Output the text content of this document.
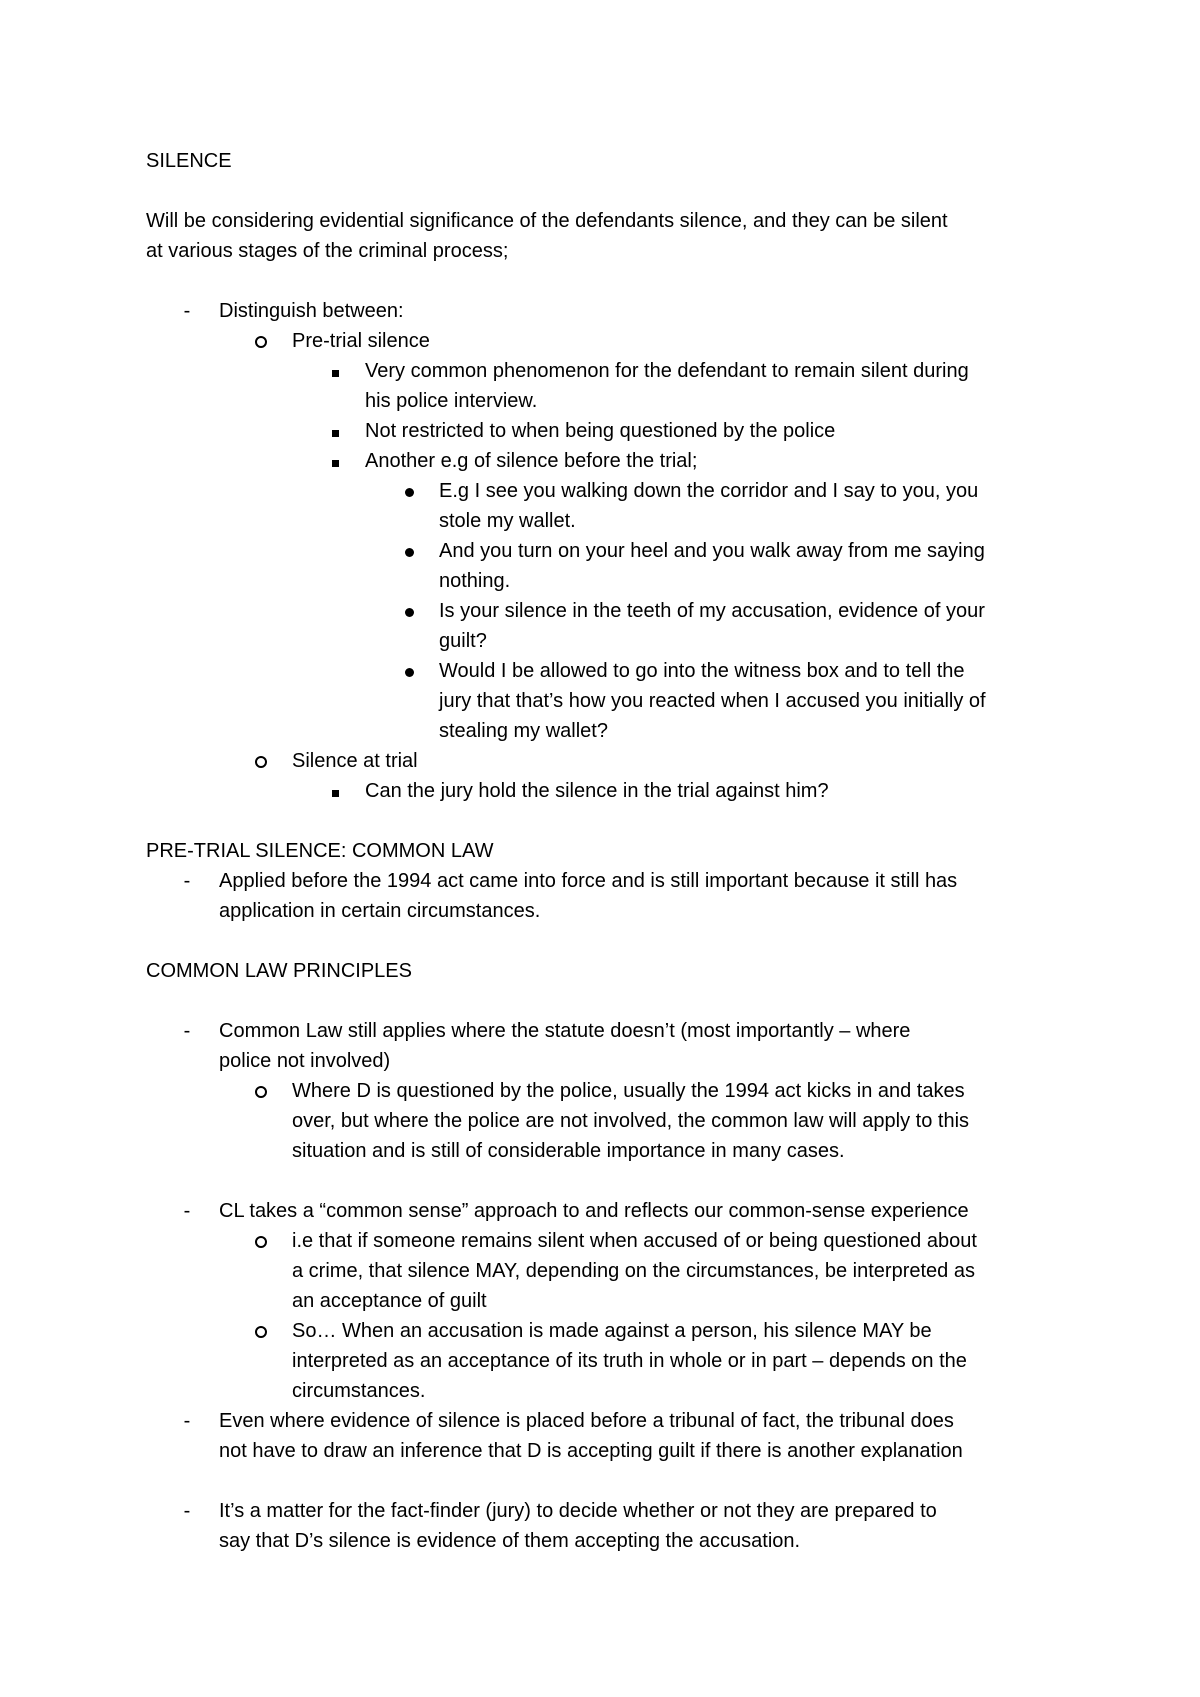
SILENCE
Will be considering evidential significance of the defendants silence, and they can be silent
at various stages of the criminal process;
-	Distinguish between:
Pre-trial silence
Very common phenomenon for the defendant to remain silent during
his police interview.
Not restricted to when being questioned by the police
Another e.g of silence before the trial;
E.g I see you walking down the corridor and I say to you, you
stole my wallet.
And you turn on your heel and you walk away from me saying
nothing.
Is your silence in the teeth of my accusation, evidence of your
guilt?
Would I be allowed to go into the witness box and to tell the
jury that that’s how you reacted when I accused you initially of
stealing my wallet?
Silence at trial
Can the jury hold the silence in the trial against him?
PRE-TRIAL SILENCE: COMMON LAW
-	Applied before the 1994 act came into force and is still important because it still has
application in certain circumstances.
COMMON LAW PRINCIPLES
-	Common Law still applies where the statute doesn’t (most importantly – where
police not involved)
Where D is questioned by the police, usually the 1994 act kicks in and takes
over, but where the police are not involved, the common law will apply to this
situation and is still of considerable importance in many cases.
-	CL takes a “common sense” approach to and reflects our common-sense experience
i.e that if someone remains silent when accused of or being questioned about
a crime, that silence MAY, depending on the circumstances, be interpreted as
an acceptance of guilt
So… When an accusation is made against a person, his silence MAY be
interpreted as an acceptance of its truth in whole or in part – depends on the
circumstances.
-	Even where evidence of silence is placed before a tribunal of fact, the tribunal does
not have to draw an inference that D is accepting guilt if there is another explanation
-	It’s a matter for the fact-finder (jury) to decide whether or not they are prepared to
say that D’s silence is evidence of them accepting the accusation.
